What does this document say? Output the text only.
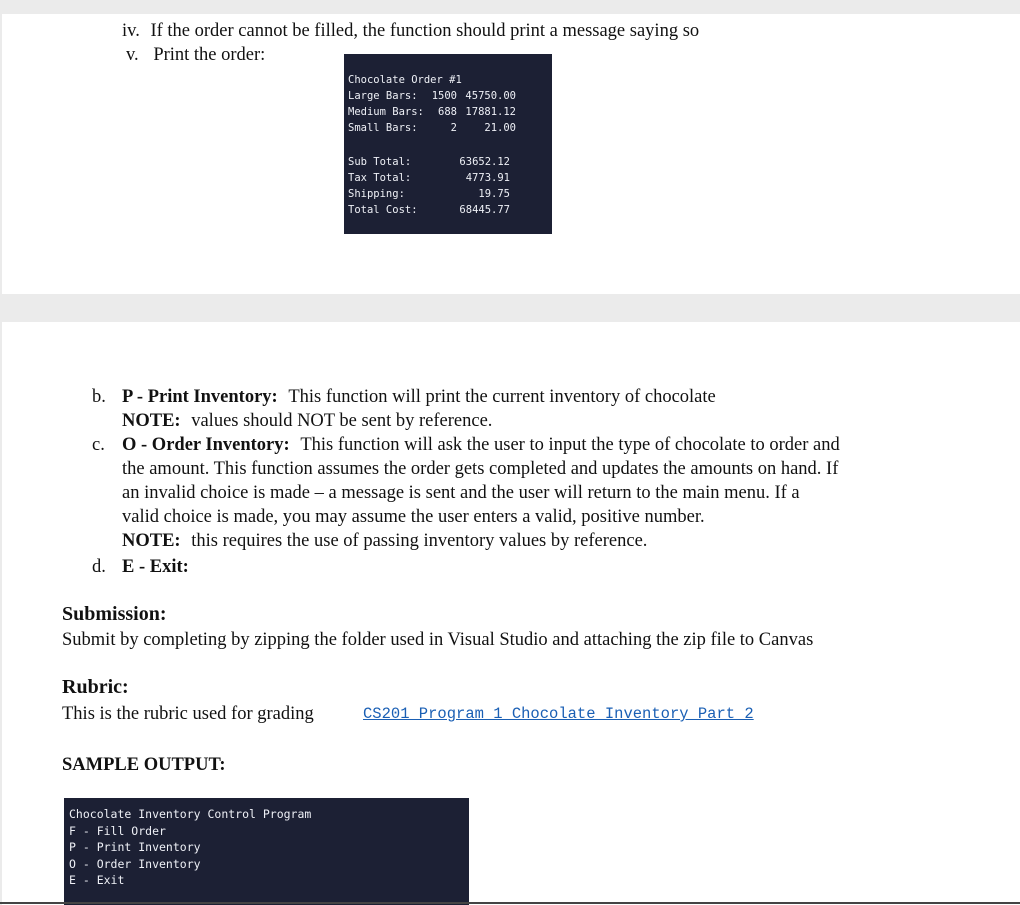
iv. If the order cannot be filled, the function should print a message saying so
v. Print the order:
Chocolate Order #1
Large Bars:	1500 45750.00
Medium Bars:	688 17881.12
Small Bars:	2	21.00
Sub Total:	63652.12
Tax Total:	4773.91
Shipping:	19.75
Total Cost:	68445.77
b. P - Print Inventory: This function will print the current inventory of chocolate
NOTE: values should NOT be sent by reference.
c. O - Order Inventory: This function will ask the user to input the type of chocolate to order and
the amount. This function assumes the order gets completed and updates the amounts on hand. If
an invalid choice is made – a message is sent and the user will return to the main menu. If a
valid choice is made, you may assume the user enters a valid, positive number.
NOTE: this requires the use of passing inventory values by reference.
d. E - Exit:
Submission:
Submit by completing by zipping the folder used in Visual Studio and attaching the zip file to Canvas
Rubric:
This is the rubric used for grading	CS201 Program 1 Chocolate Inventory Part 2
SAMPLE OUTPUT:
Chocolate Inventory Control Program
F - Fill Order
P - Print Inventory
O - Order Inventory
E - Exit
